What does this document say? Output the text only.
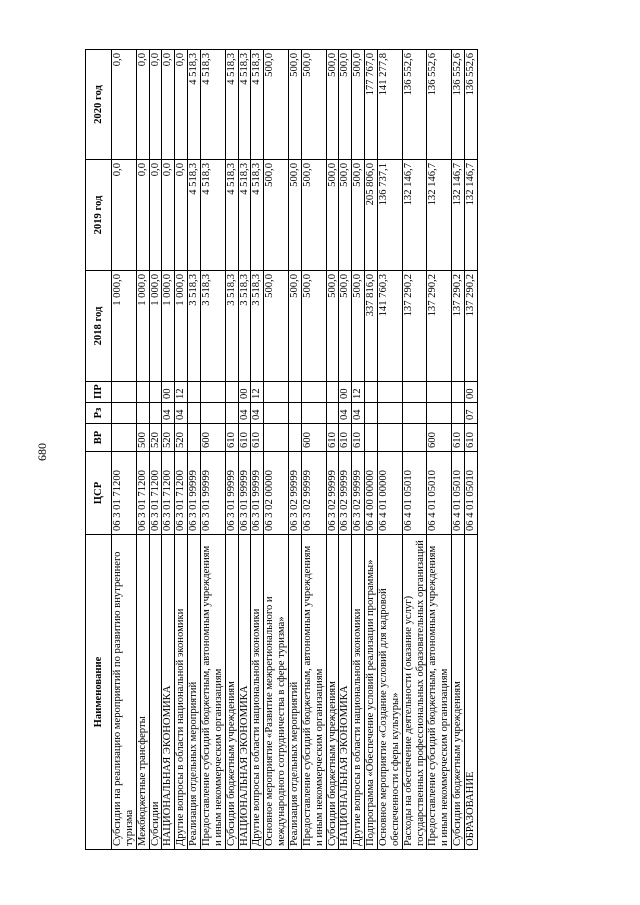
680
Наименование	ЦСР	ВР	Рз	ПР	2018 год	2019 год	2020 год
Субсидии на реализацию мероприятий по развитию внутреннего туризма	06 3 01 71200				1 000,0	0,0	0,0
Межбюджетные трансферты	06 3 01 71200	500			1 000,0	0,0	0,0
Субсидии	06 3 01 71200	520			1 000,0	0,0	0,0
НАЦИОНАЛЬНАЯ ЭКОНОМИКА	06 3 01 71200	520	04	00	1 000,0	0,0	0,0
Другие вопросы в области национальной экономики	06 3 01 71200	520	04	12	1 000,0	0,0	0,0
Реализация отдельных мероприятий	06 3 01 99999				3 518,3	4 518,3	4 518,3
Предоставление субсидий бюджетным, автономным учреждениям и иным некоммерческим организациям	06 3 01 99999	600			3 518,3	4 518,3	4 518,3
Субсидии бюджетным учреждениям	06 3 01 99999	610			3 518,3	4 518,3	4 518,3
НАЦИОНАЛЬНАЯ ЭКОНОМИКА	06 3 01 99999	610	04	00	3 518,3	4 518,3	4 518,3
Другие вопросы в области национальной экономики	06 3 01 99999	610	04	12	3 518,3	4 518,3	4 518,3
Основное мероприятие «Развитие межрегионального и международного сотрудничества в сфере туризма»	06 3 02 00000				500,0	500,0	500,0
Реализация отдельных мероприятий	06 3 02 99999				500,0	500,0	500,0
Предоставление субсидий бюджетным, автономным учреждениям и иным некоммерческим организациям	06 3 02 99999	600			500,0	500,0	500,0
Субсидии бюджетным учреждениям	06 3 02 99999	610			500,0	500,0	500,0
НАЦИОНАЛЬНАЯ ЭКОНОМИКА	06 3 02 99999	610	04	00	500,0	500,0	500,0
Другие вопросы в области национальной экономики	06 3 02 99999	610	04	12	500,0	500,0	500,0
Подпрограмма «Обеспечение условий реализации программы»	06 4 00 00000				337 816,0	205 806,0	177 767,0
Основное мероприятие «Создание условий для кадровой обеспеченности сферы культуры»	06 4 01 00000				141 760,3	136 737,1	141 277,8
Расходы на обеспечение деятельности (оказание услуг) государственных профессиональных образовательных организаций	06 4 01 05010				137 290,2	132 146,7	136 552,6
Предоставление субсидий бюджетным, автономным учреждениям и иным некоммерческим организациям	06 4 01 05010	600			137 290,2	132 146,7	136 552,6
Субсидии бюджетным учреждениям	06 4 01 05010	610			137 290,2	132 146,7	136 552,6
ОБРАЗОВАНИЕ	06 4 01 05010	610	07	00	137 290,2	132 146,7	136 552,6
